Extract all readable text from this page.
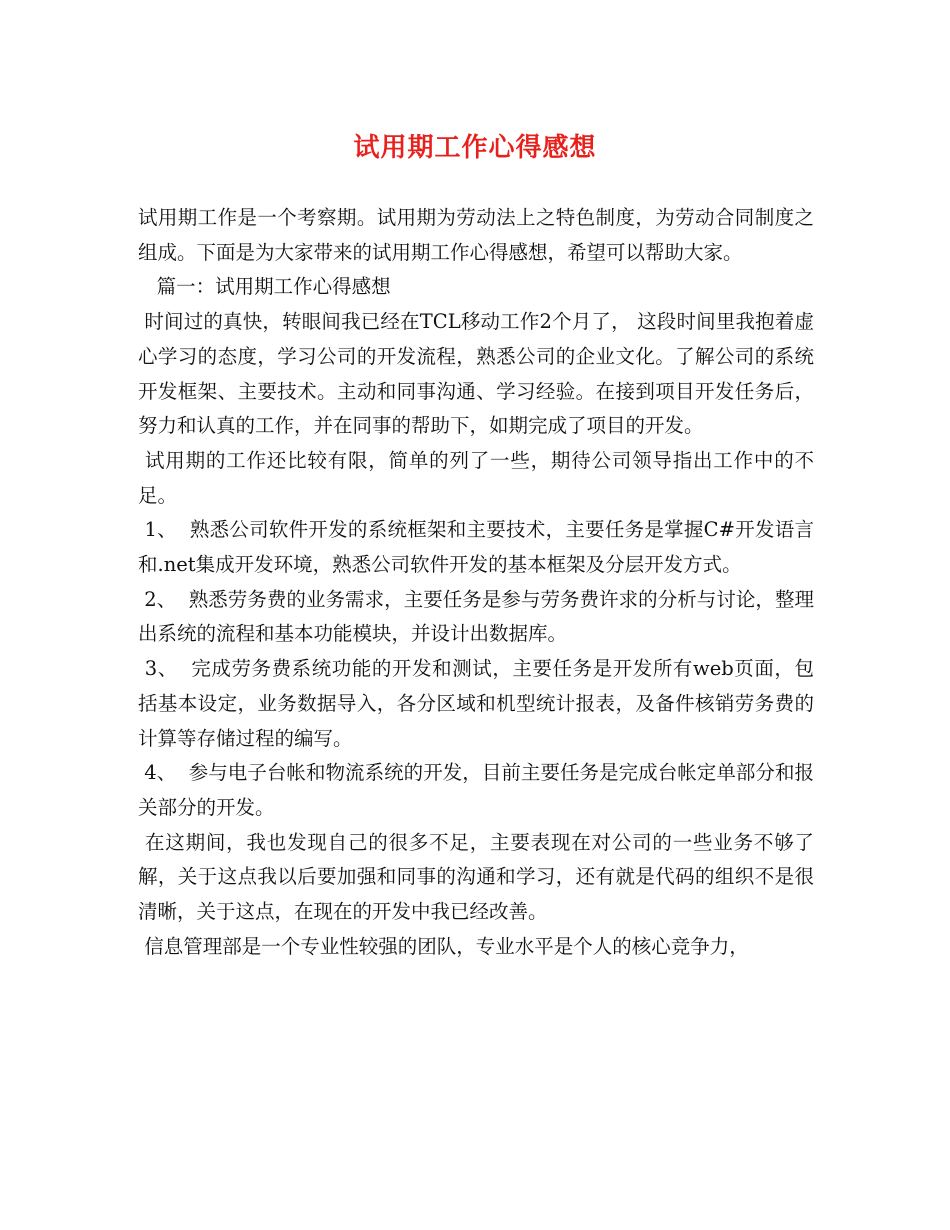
试用期工作心得感想

试用期工作是一个考察期。试用期为劳动法上之特色制度，为劳动合同制度之组成。下面是为大家带来的试用期工作心得感想，希望可以帮助大家。

篇一：试用期工作心得感想

时间过的真快，转眼间我已经在TCL移动工作2个月了， 这段时间里我抱着虚心学习的态度，学习公司的开发流程，熟悉公司的企业文化。了解公司的系统开发框架、主要技术。主动和同事沟通、学习经验。在接到项目开发任务后，努力和认真的工作，并在同事的帮助下，如期完成了项目的开发。

试用期的工作还比较有限，简单的列了一些，期待公司领导指出工作中的不足。

1、  熟悉公司软件开发的系统框架和主要技术，主要任务是掌握C#开发语言和.net集成开发环境，熟悉公司软件开发的基本框架及分层开发方式。

2、  熟悉劳务费的业务需求，主要任务是参与劳务费许求的分析与讨论，整理出系统的流程和基本功能模块，并设计出数据库。

3、  完成劳务费系统功能的开发和测试，主要任务是开发所有web页面，包括基本设定，业务数据导入，各分区域和机型统计报表，及备件核销劳务费的计算等存储过程的编写。

4、  参与电子台帐和物流系统的开发，目前主要任务是完成台帐定单部分和报关部分的开发。

在这期间，我也发现自己的很多不足，主要表现在对公司的一些业务不够了解，关于这点我以后要加强和同事的沟通和学习，还有就是代码的组织不是很清晰，关于这点，在现在的开发中我已经改善。

信息管理部是一个专业性较强的团队，专业水平是个人的核心竞争力，
